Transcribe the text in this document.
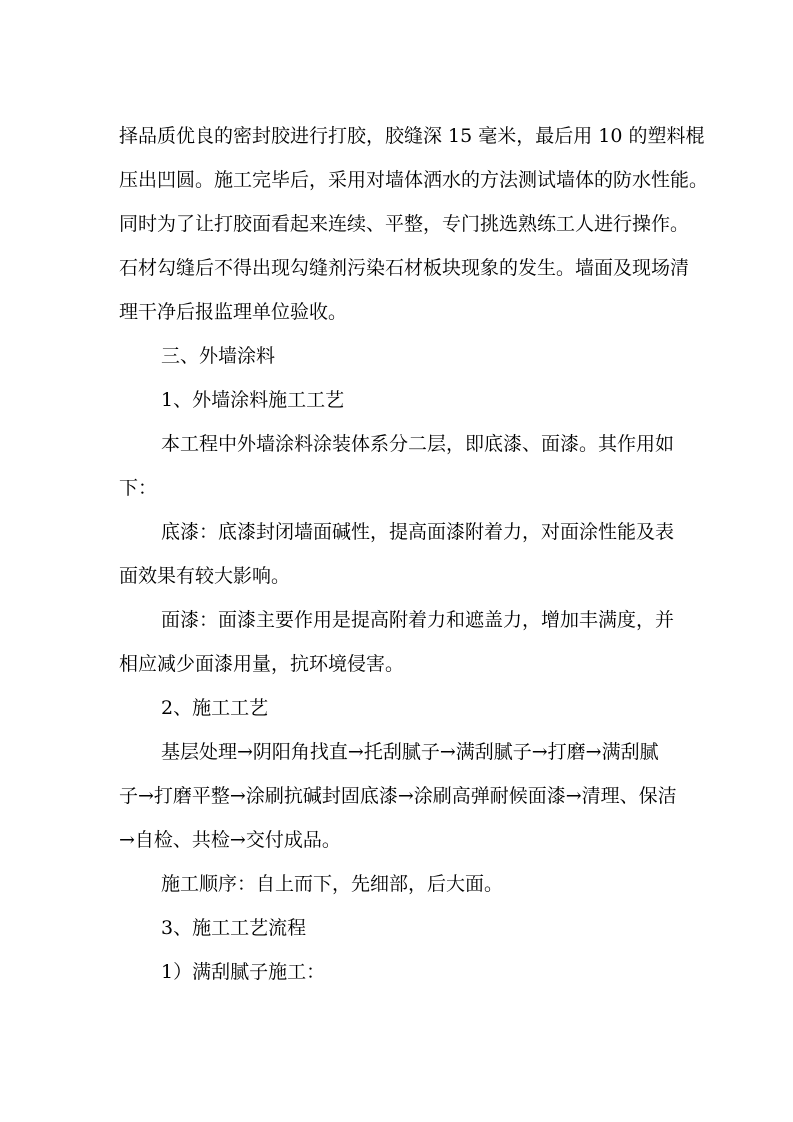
择品质优良的密封胶进行打胶，胶缝深 15 毫米，最后用 10 的塑料棍

压出凹圆。施工完毕后，采用对墙体洒水的方法测试墙体的防水性能。

同时为了让打胶面看起来连续、平整，专门挑选熟练工人进行操作。

石材勾缝后不得出现勾缝剂污染石材板块现象的发生。墙面及现场清

理干净后报监理单位验收。

三、外墙涂料

1、外墙涂料施工工艺

本工程中外墙涂料涂装体系分二层，即底漆、面漆。其作用如

下：

底漆：底漆封闭墙面碱性，提高面漆附着力，对面涂性能及表

面效果有较大影响。

面漆：面漆主要作用是提高附着力和遮盖力，增加丰满度，并

相应减少面漆用量，抗环境侵害。

2、施工工艺

基层处理→阴阳角找直→托刮腻子→满刮腻子→打磨→满刮腻

子→打磨平整→涂刷抗碱封固底漆→涂刷高弹耐候面漆→清理、保洁

→自检、共检→交付成品。

施工顺序：自上而下，先细部，后大面。

3、施工工艺流程

1）满刮腻子施工：
